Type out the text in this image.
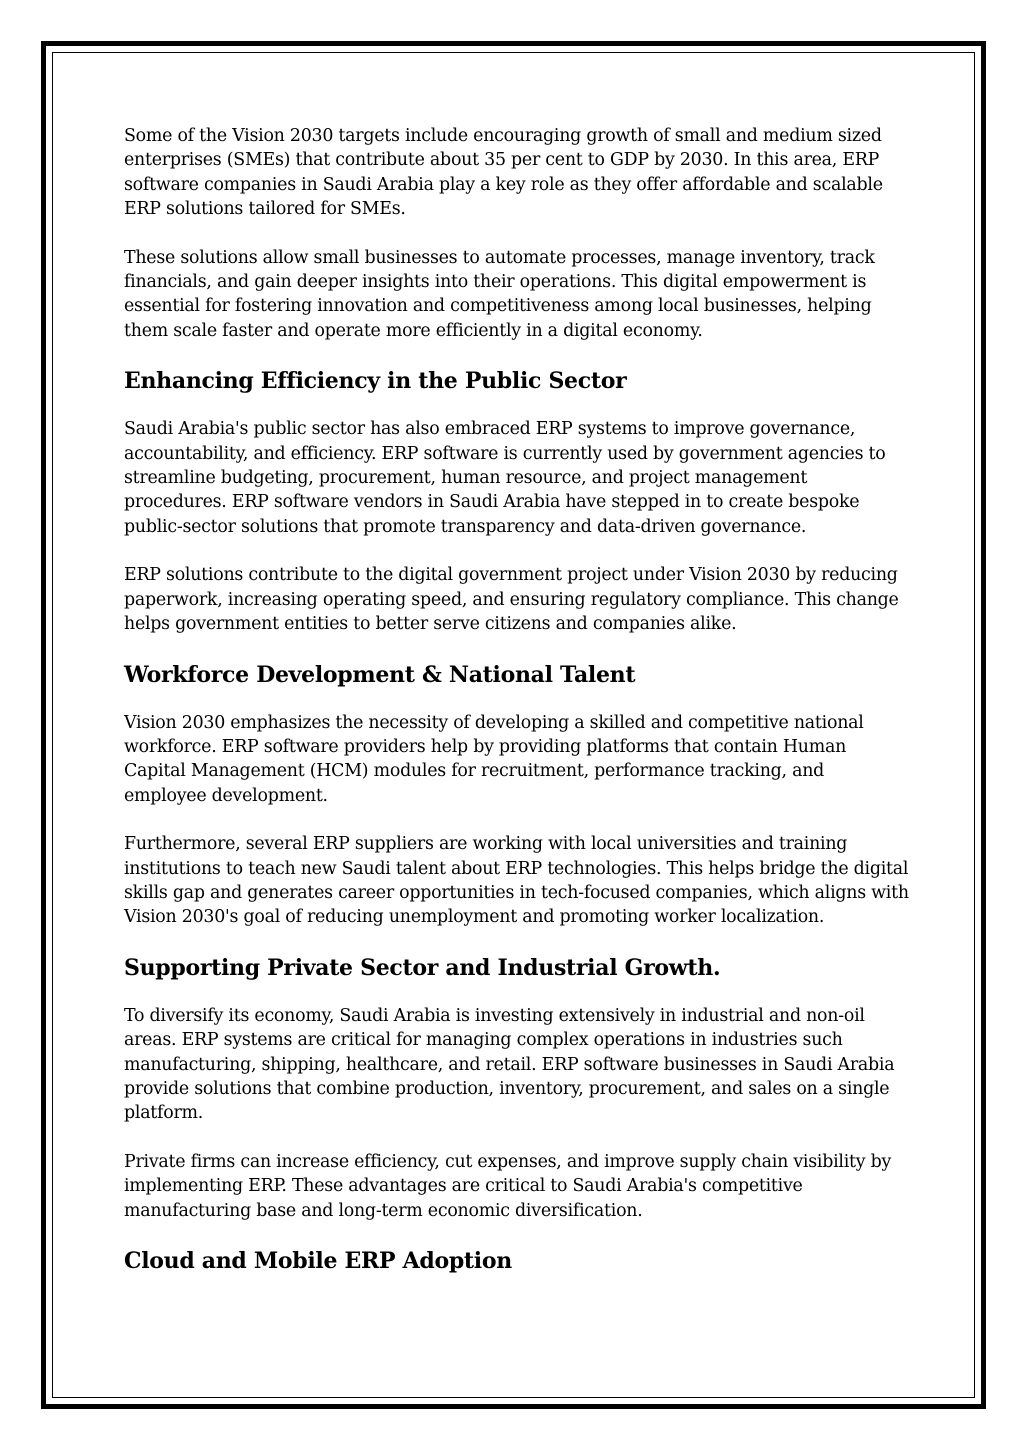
Some of the Vision 2030 targets include encouraging growth of small and medium sized enterprises (SMEs) that contribute about 35 per cent to GDP by 2030. In this area, ERP software companies in Saudi Arabia play a key role as they offer affordable and scalable ERP solutions tailored for SMEs.

These solutions allow small businesses to automate processes, manage inventory, track financials, and gain deeper insights into their operations. This digital empowerment is essential for fostering innovation and competitiveness among local businesses, helping them scale faster and operate more efficiently in a digital economy.

Enhancing Efficiency in the Public Sector

Saudi Arabia's public sector has also embraced ERP systems to improve governance, accountability, and efficiency. ERP software is currently used by government agencies to streamline budgeting, procurement, human resource, and project management procedures. ERP software vendors in Saudi Arabia have stepped in to create bespoke public-sector solutions that promote transparency and data-driven governance.

ERP solutions contribute to the digital government project under Vision 2030 by reducing paperwork, increasing operating speed, and ensuring regulatory compliance. This change helps government entities to better serve citizens and companies alike.

Workforce Development & National Talent

Vision 2030 emphasizes the necessity of developing a skilled and competitive national workforce. ERP software providers help by providing platforms that contain Human Capital Management (HCM) modules for recruitment, performance tracking, and employee development.

Furthermore, several ERP suppliers are working with local universities and training institutions to teach new Saudi talent about ERP technologies. This helps bridge the digital skills gap and generates career opportunities in tech-focused companies, which aligns with Vision 2030's goal of reducing unemployment and promoting worker localization.

Supporting Private Sector and Industrial Growth.

To diversify its economy, Saudi Arabia is investing extensively in industrial and non-oil areas. ERP systems are critical for managing complex operations in industries such manufacturing, shipping, healthcare, and retail. ERP software businesses in Saudi Arabia provide solutions that combine production, inventory, procurement, and sales on a single platform.

Private firms can increase efficiency, cut expenses, and improve supply chain visibility by implementing ERP. These advantages are critical to Saudi Arabia's competitive manufacturing base and long-term economic diversification.

Cloud and Mobile ERP Adoption
